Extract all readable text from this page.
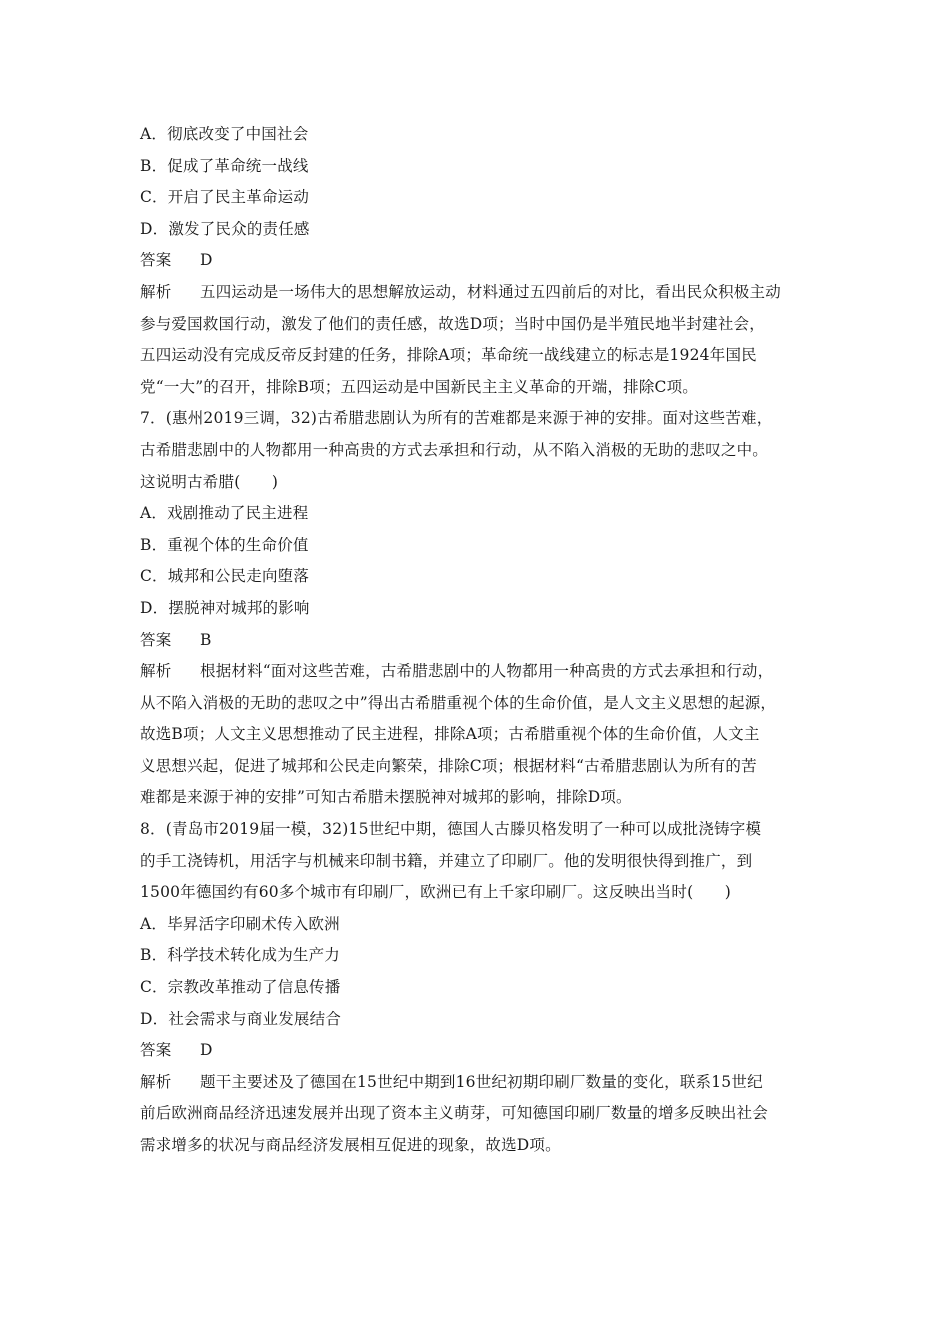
A．彻底改变了中国社会
B．促成了革命统一战线
C．开启了民主革命运动
D．激发了民众的责任感
答案 D
解析 五四运动是一场伟大的思想解放运动，材料通过五四前后的对比，看出民众积极主动
参与爱国救国行动，激发了他们的责任感，故选D项；当时中国仍是半殖民地半封建社会，
五四运动没有完成反帝反封建的任务，排除A项；革命统一战线建立的标志是1924年国民
党“一大”的召开，排除B项；五四运动是中国新民主主义革命的开端，排除C项。
7．(惠州2019三调，32)古希腊悲剧认为所有的苦难都是来源于神的安排。面对这些苦难，
古希腊悲剧中的人物都用一种高贵的方式去承担和行动，从不陷入消极的无助的悲叹之中。
这说明古希腊(　　)
A．戏剧推动了民主进程
B．重视个体的生命价值
C．城邦和公民走向堕落
D．摆脱神对城邦的影响
答案 B
解析 根据材料“面对这些苦难，古希腊悲剧中的人物都用一种高贵的方式去承担和行动，
从不陷入消极的无助的悲叹之中”得出古希腊重视个体的生命价值，是人文主义思想的起源，
故选B项；人文主义思想推动了民主进程，排除A项；古希腊重视个体的生命价值，人文主
义思想兴起，促进了城邦和公民走向繁荣，排除C项；根据材料“古希腊悲剧认为所有的苦
难都是来源于神的安排”可知古希腊未摆脱神对城邦的影响，排除D项。
8．(青岛市2019届一模，32)15世纪中期，德国人古滕贝格发明了一种可以成批浇铸字模
的手工浇铸机，用活字与机械来印制书籍，并建立了印刷厂。他的发明很快得到推广，到
1500年德国约有60多个城市有印刷厂，欧洲已有上千家印刷厂。这反映出当时(　　)
A．毕昇活字印刷术传入欧洲
B．科学技术转化成为生产力
C．宗教改革推动了信息传播
D．社会需求与商业发展结合
答案 D
解析 题干主要述及了德国在15世纪中期到16世纪初期印刷厂数量的变化，联系15世纪
前后欧洲商品经济迅速发展并出现了资本主义萌芽，可知德国印刷厂数量的增多反映出社会
需求增多的状况与商品经济发展相互促进的现象，故选D项。
